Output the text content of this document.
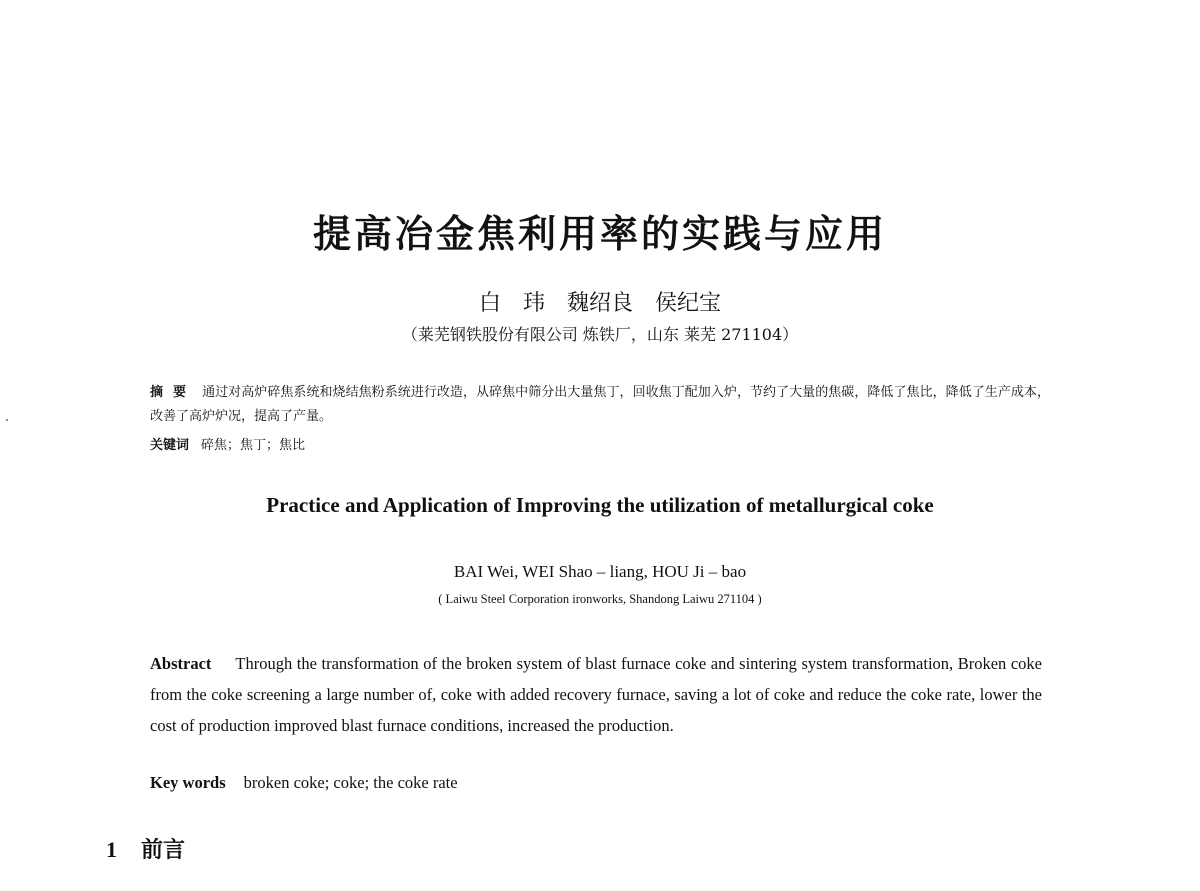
提高冶金焦利用率的实践与应用
白　玮　魏绍良　侯纪宝
（莱芜钢铁股份有限公司 炼铁厂，山东 莱芜 271104）
摘要 通过对高炉碎焦系统和烧结焦粉系统进行改造，从碎焦中筛分出大量焦丁，回收焦丁配加入炉，节约了大量的焦碳，降低了焦比，降低了生产成本，改善了高炉炉况，提高了产量。
关键词 碎焦；焦丁；焦比
Practice and Application of Improving the utilization of metallurgical coke
BAI Wei, WEI Shao – liang, HOU Ji – bao
( Laiwu Steel Corporation ironworks, Shandong Laiwu 271104 )
Abstract Through the transformation of the broken system of blast furnace coke and sintering system transformation, Broken coke from the coke screening a large number of, coke with added recovery furnace, saving a lot of coke and reduce the coke rate, lower the cost of production improved blast furnace conditions, increased the production.
Key words broken coke; coke; the coke rate
1 前言
